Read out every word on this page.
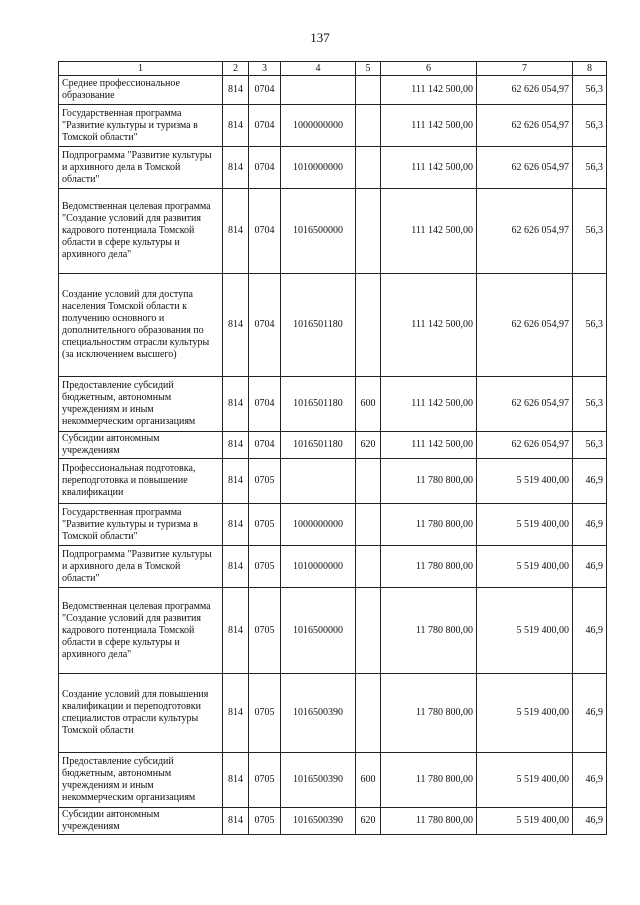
137
1	2	3	4	5	6	7	8
Среднее профессиональное образование	814	0704			111 142 500,00	62 626 054,97	56,3
Государственная программа "Развитие культуры и туризма в Томской области"	814	0704	1000000000		111 142 500,00	62 626 054,97	56,3
Подпрограмма "Развитие культуры и архивного дела в Томской области"	814	0704	1010000000		111 142 500,00	62 626 054,97	56,3
Ведомственная целевая программа "Создание условий для развития кадрового потенциала Томской области в сфере культуры и архивного дела"	814	0704	1016500000		111 142 500,00	62 626 054,97	56,3
Создание условий для доступа населения Томской области к получению основного и дополнительного образования по специальностям отрасли культуры (за исключением высшего)	814	0704	1016501180		111 142 500,00	62 626 054,97	56,3
Предоставление субсидий бюджетным, автономным учреждениям и иным некоммерческим организациям	814	0704	1016501180	600	111 142 500,00	62 626 054,97	56,3
Субсидии автономным учреждениям	814	0704	1016501180	620	111 142 500,00	62 626 054,97	56,3
Профессиональная подготовка, переподготовка и повышение квалификации	814	0705			11 780 800,00	5 519 400,00	46,9
Государственная программа "Развитие культуры и туризма в Томской области"	814	0705	1000000000		11 780 800,00	5 519 400,00	46,9
Подпрограмма "Развитие культуры и архивного дела в Томской области"	814	0705	1010000000		11 780 800,00	5 519 400,00	46,9
Ведомственная целевая программа "Создание условий для развития кадрового потенциала Томской области в сфере культуры и архивного дела"	814	0705	1016500000		11 780 800,00	5 519 400,00	46,9
Создание условий для повышения квалификации и переподготовки специалистов отрасли культуры Томской области	814	0705	1016500390		11 780 800,00	5 519 400,00	46,9
Предоставление субсидий бюджетным, автономным учреждениям и иным некоммерческим организациям	814	0705	1016500390	600	11 780 800,00	5 519 400,00	46,9
Субсидии автономным учреждениям	814	0705	1016500390	620	11 780 800,00	5 519 400,00	46,9
